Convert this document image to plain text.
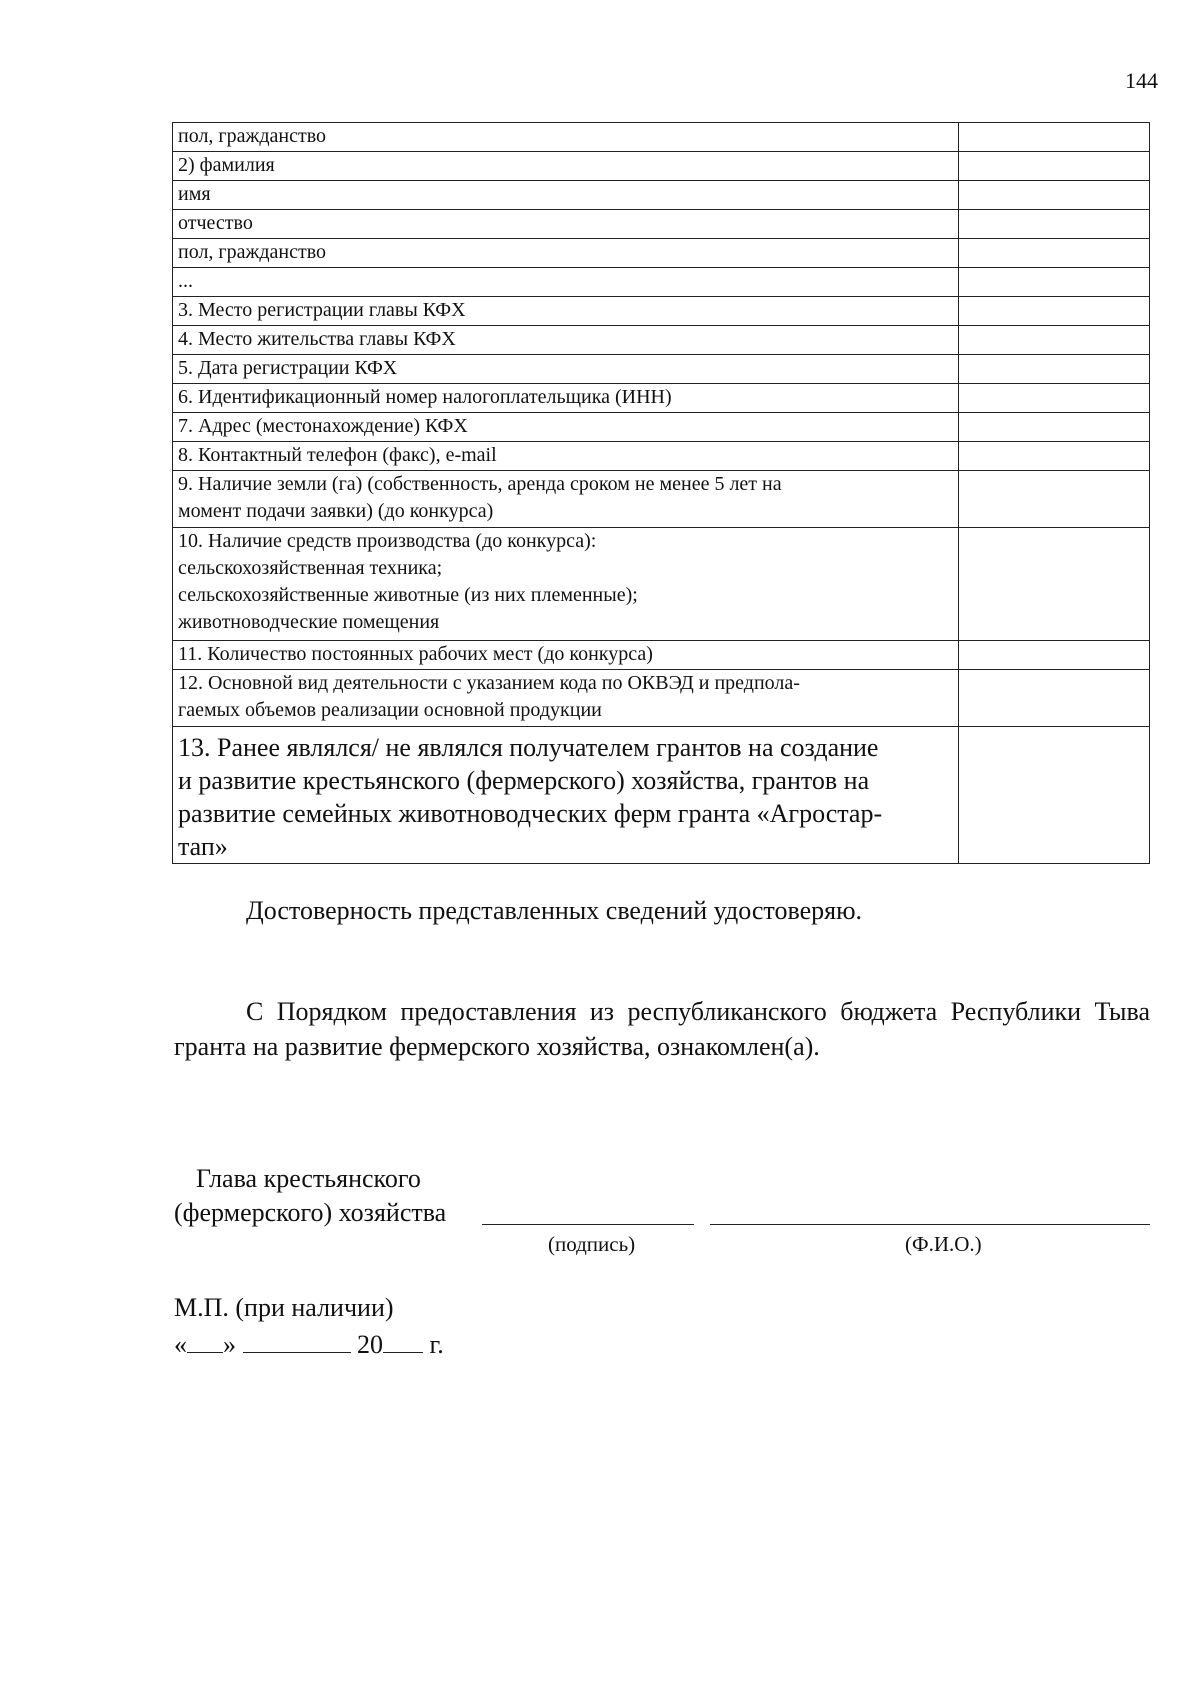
144
пол, гражданство	
2) фамилия	
имя	
отчество	
пол, гражданство	
...	
3. Место регистрации главы КФХ	
4. Место жительства главы КФХ	
5. Дата регистрации КФХ	
6. Идентификационный номер налогоплательщика (ИНН)	
7. Адрес (местонахождение) КФХ	
8. Контактный телефон (факс), e-mail	

9. Наличие земли (га) (собственность, аренда сроком не менее 5 лет на
момент подачи заявки) (до конкурса)	

10. Наличие средств производства (до конкурса):
сельскохозяйственная техника;
сельскохозяйственные животные (из них племенные);
животноводческие помещения	

11. Количество постоянных рабочих мест (до конкурса)	

12. Основной вид деятельности с указанием кода по ОКВЭД и предпола-
гаемых объемов реализации основной продукции	

13. Ранее являлся/ не являлся получателем грантов на создание
и развитие крестьянского (фермерского) хозяйства, грантов на
развитие семейных животноводческих ферм гранта «Агростар-
тап»	

Достоверность представленных сведений удостоверяю.
С Порядком предоставления из республиканского бюджета Республики Тыва гранта на развитие фермерского хозяйства, ознакомлен(а).
Глава крестьянского
(фермерского) хозяйства
(подпись)	(Ф.И.О.)
М.П. (при наличии)
« »	20 г.
